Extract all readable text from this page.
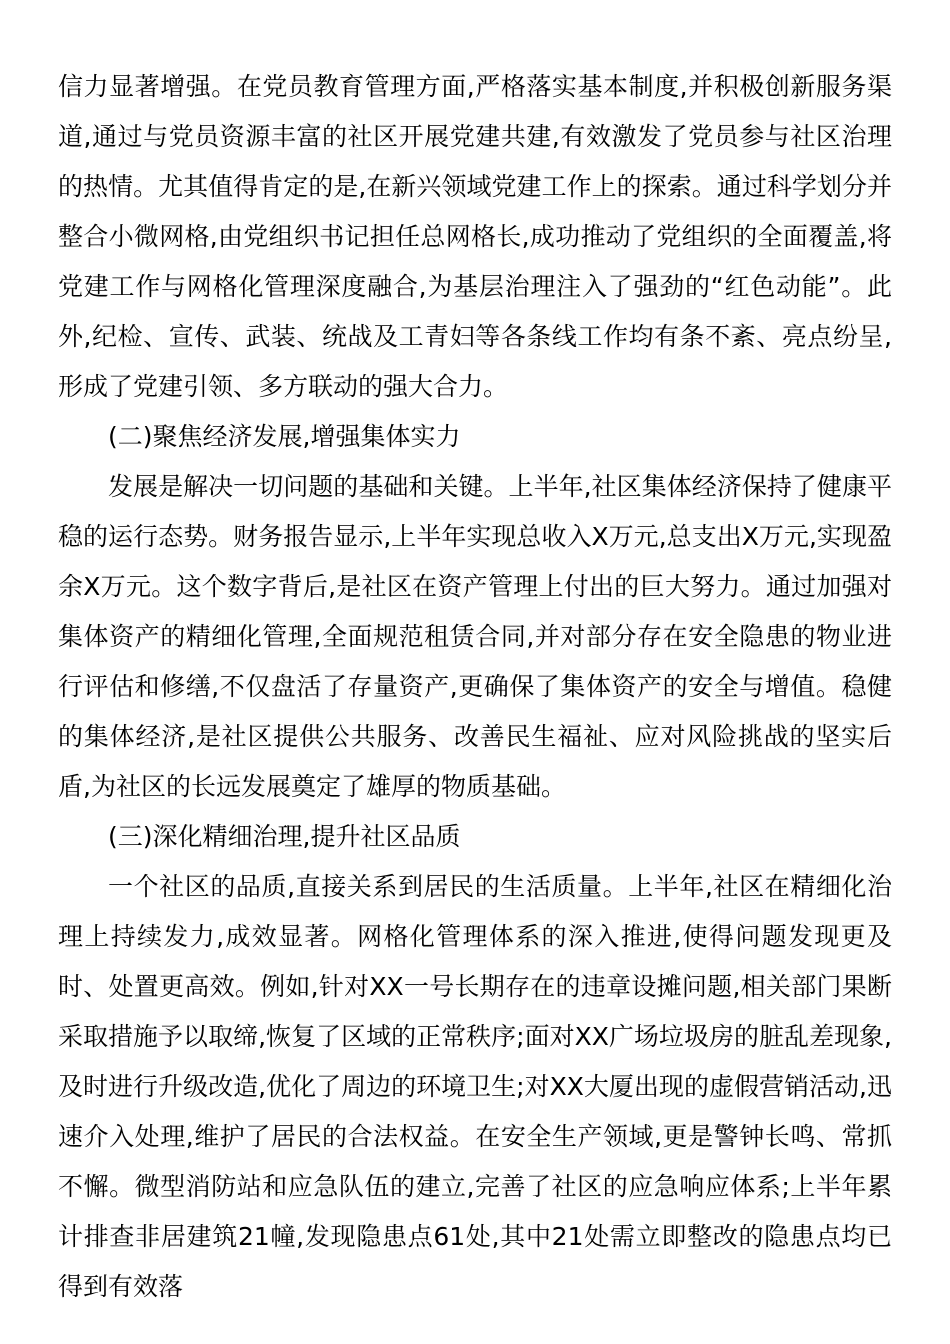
信力显著增强。在党员教育管理方面,严格落实基本制度,并积极创新服务渠道,通过与党员资源丰富的社区开展党建共建,有效激发了党员参与社区治理的热情。尤其值得肯定的是,在新兴领域党建工作上的探索。通过科学划分并整合小微网格,由党组织书记担任总网格长,成功推动了党组织的全面覆盖,将党建工作与网格化管理深度融合,为基层治理注入了强劲的“红色动能”。此外,纪检、宣传、武装、统战及工青妇等各条线工作均有条不紊、亮点纷呈,形成了党建引领、多方联动的强大合力。

(二)聚焦经济发展,增强集体实力

发展是解决一切问题的基础和关键。上半年,社区集体经济保持了健康平稳的运行态势。财务报告显示,上半年实现总收入X万元,总支出X万元,实现盈余X万元。这个数字背后,是社区在资产管理上付出的巨大努力。通过加强对集体资产的精细化管理,全面规范租赁合同,并对部分存在安全隐患的物业进行评估和修缮,不仅盘活了存量资产,更确保了集体资产的安全与增值。稳健的集体经济,是社区提供公共服务、改善民生福祉、应对风险挑战的坚实后盾,为社区的长远发展奠定了雄厚的物质基础。

(三)深化精细治理,提升社区品质

一个社区的品质,直接关系到居民的生活质量。上半年,社区在精细化治理上持续发力,成效显著。网格化管理体系的深入推进,使得问题发现更及时、处置更高效。例如,针对XX一号长期存在的违章设摊问题,相关部门果断采取措施予以取缔,恢复了区域的正常秩序;面对XX广场垃圾房的脏乱差现象,及时进行升级改造,优化了周边的环境卫生;对XX大厦出现的虚假营销活动,迅速介入处理,维护了居民的合法权益。在安全生产领域,更是警钟长鸣、常抓不懈。微型消防站和应急队伍的建立,完善了社区的应急响应体系;上半年累计排查非居建筑21幢,发现隐患点61处,其中21处需立即整改的隐患点均已得到有效落
